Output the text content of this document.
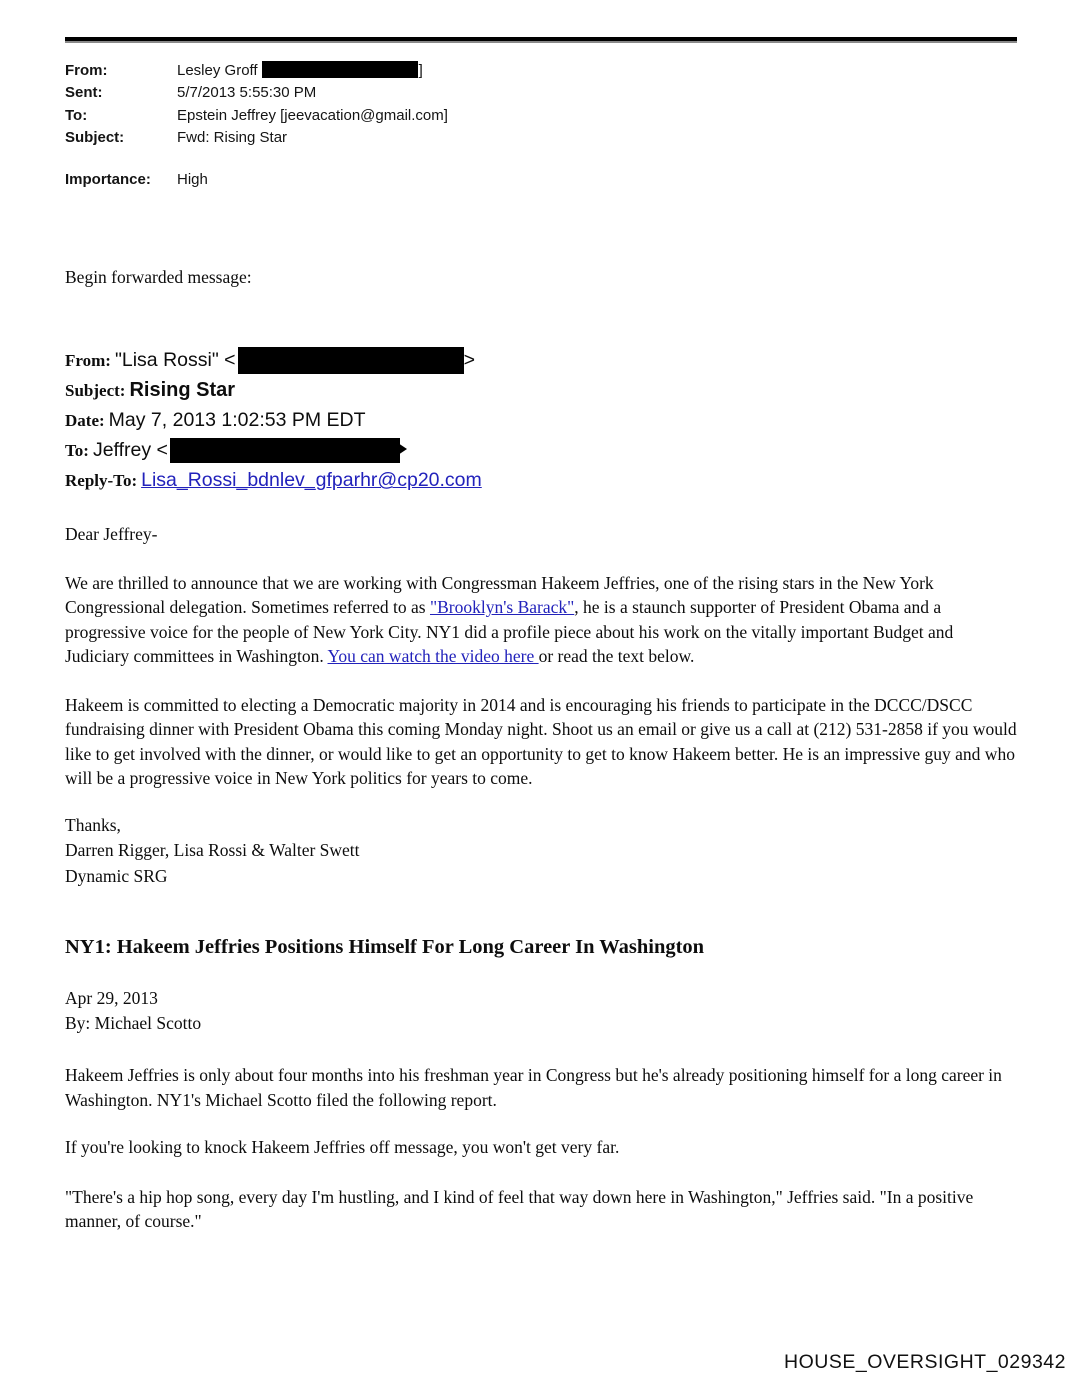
From:	Lesley Groff	]
Sent:	5/7/2013 5:55:30 PM
To:	Epstein Jeffrey [jeevacation@gmail.com]
Subject:	Fwd: Rising Star
Importance:	High

Begin forwarded message:

From: "Lisa Rossi" <	>
Subject: Rising Star
Date: May 7, 2013 1:02:53 PM EDT
To: Jeffrey <
Reply-To: Lisa_Rossi_bdnlev_gfparhr@cp20.com

Dear Jeffrey-

We are thrilled to announce that we are working with Congressman Hakeem Jeffries, one of the rising stars in the New York Congressional delegation. Sometimes referred to as "Brooklyn's Barack", he is a staunch supporter of President Obama and a progressive voice for the people of New York City. NY1 did a profile piece about his work on the vitally important Budget and Judiciary committees in Washington. You can watch the video here or read the text below.

Hakeem is committed to electing a Democratic majority in 2014 and is encouraging his friends to participate in the DCCC/DSCC fundraising dinner with President Obama this coming Monday night. Shoot us an email or give us a call at (212) 531-2858 if you would like to get involved with the dinner, or would like to get an opportunity to get to know Hakeem better. He is an impressive guy and who will be a progressive voice in New York politics for years to come.

Thanks,
Darren Rigger, Lisa Rossi & Walter Swett
Dynamic SRG
NY1: Hakeem Jeffries Positions Himself For Long Career In Washington
Apr 29, 2013
By: Michael Scotto

Hakeem Jeffries is only about four months into his freshman year in Congress but he's already positioning himself for a long career in Washington. NY1's Michael Scotto filed the following report.

If you're looking to knock Hakeem Jeffries off message, you won't get very far.

"There's a hip hop song, every day I'm hustling, and I kind of feel that way down here in Washington," Jeffries said. "In a positive manner, of course."

HOUSE_OVERSIGHT_029342
